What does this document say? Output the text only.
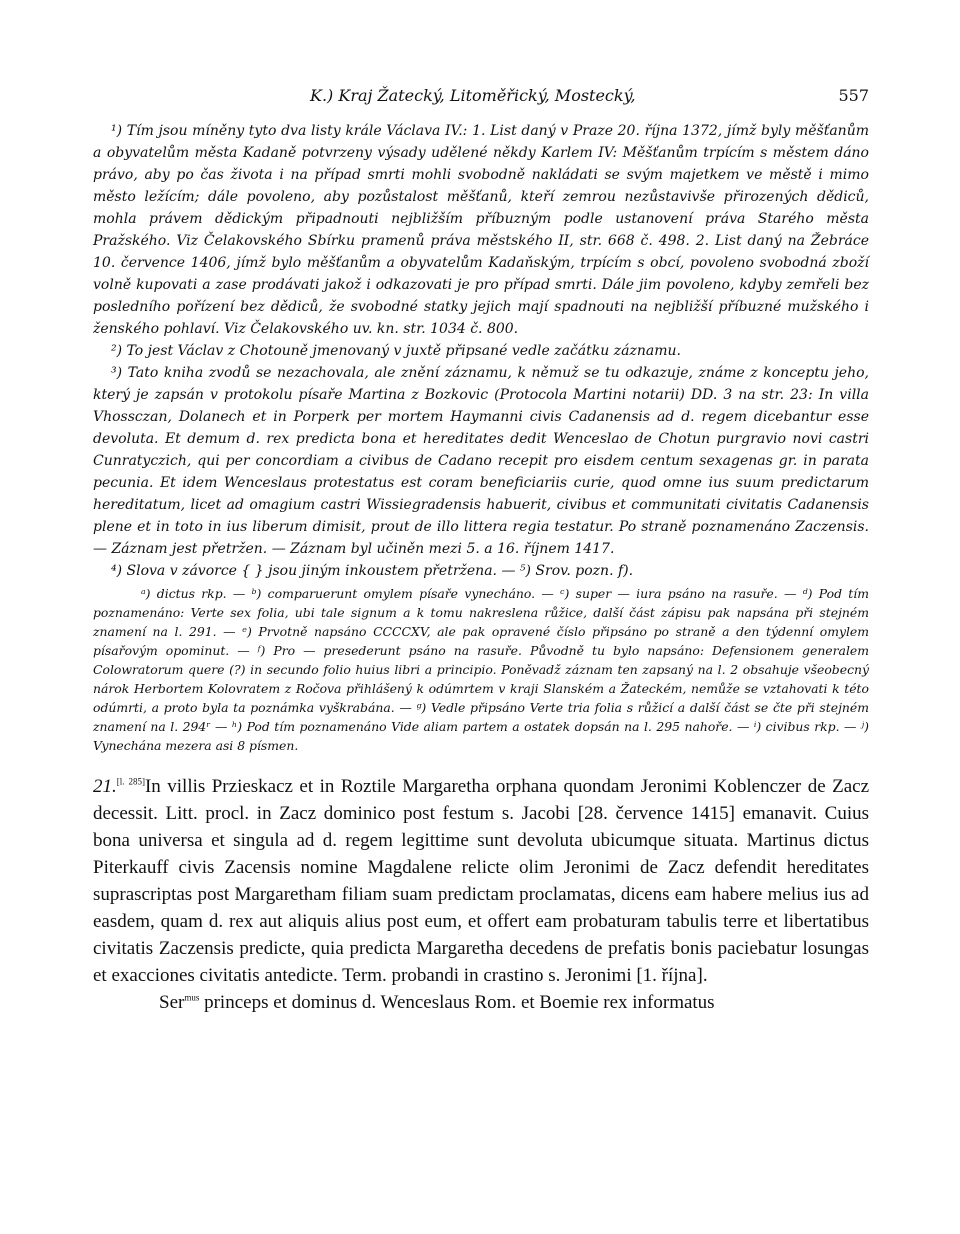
K.) Kraj Žatecký, Litoměřický, Mostecký,	557

¹) Tím jsou míněny tyto dva listy krále Václava IV.: 1. List daný v Praze 20. října 1372, jímž byly měšťanům a obyvatelům města Kadaně potvrzeny výsady udělené někdy Karlem IV: Měšťanům trpícím s městem dáno právo, aby po čas života i na případ smrti mohli svobodně nakládati se svým majetkem ve městě i mimo město ležícím; dále povoleno, aby pozůstalost měšťanů, kteří zemrou nezůstavivše přirozených dědiců, mohla právem dědickým připadnouti nejbližším příbuzným podle ustanovení práva Starého města Pražského. Viz Čelakovského Sbírku pramenů práva městského II, str. 668 č. 498. 2. List daný na Žebráce 10. července 1406, jímž bylo měšťanům a obyvatelům Kadaňským, trpícím s obcí, povoleno svobodná zboží volně kupovati a zase prodávati jakož i odkazovati je pro případ smrti. Dále jim povoleno, kdyby zemřeli bez posledního pořízení bez dědiců, že svobodné statky jejich mají spadnouti na nejbližší příbuzné mužského i ženského pohlaví. Viz Čelakovského uv. kn. str. 1034 č. 800.

²) To jest Václav z Chotouně jmenovaný v juxtě připsané vedle začátku záznamu.

³) Tato kniha zvodů se nezachovala, ale znění záznamu, k němuž se tu odkazuje, známe z konceptu jeho, který je zapsán v protokolu písaře Martina z Bozkovic (Protocola Martini notarii) DD. 3 na str. 23: In villa Vhossczan, Dolanech et in Porperk per mortem Haymanni civis Cadanensis ad d. regem dicebantur esse devoluta. Et demum d. rex predicta bona et hereditates dedit Wenceslao de Chotun purgravio novi castri Cunratyczich, qui per concordiam a civibus de Cadano recepit pro eisdem centum sexagenas gr. in parata pecunia. Et idem Wenceslaus protestatus est coram beneficiariis curie, quod omne ius suum predictarum hereditatum, licet ad omagium castri Wissiegradensis habuerit, civibus et communitati civitatis Cadanensis plene et in toto in ius liberum dimisit, prout de illo littera regia testatur. Po straně poznamenáno Zaczensis. — Záznam jest přetržen. — Záznam byl učiněn mezi 5. a 16. říjnem 1417.

⁴) Slova v závorce { } jsou jiným inkoustem přetržena. — ⁵) Srov. pozn. f).

ᵃ) dictus rkp. — ᵇ) comparuerunt omylem písaře vynecháno. — ᶜ) super — iura psáno na rasuře. — ᵈ) Pod tím poznamenáno: Verte sex folia, ubi tale signum a k tomu nakreslena růžice, další část zápisu pak napsána při stejném znamení na l. 291. — ᵉ) Prvotně napsáno CCCCXV, ale pak opravené číslo připsáno po straně a den týdenní omylem písařovým opominut. — ᶠ) Pro — presederunt psáno na rasuře. Původně tu bylo napsáno: Defensionem generalem Colowratorum quere (?) in secundo folio huius libri a principio. Poněvadž záznam ten zapsaný na l. 2 obsahuje všeobecný nárok Herbortem Kolovratem z Ročova přihlášený k odúmrtem v kraji Slanském a Žateckém, nemůže se vztahovati k této odúmrti, a proto byla ta poznámka vyškrabána. — ᵍ) Vedle připsáno Verte tria folia s růžicí a další část se čte při stejném znamení na l. 294ʳ — ʰ) Pod tím poznamenáno Vide aliam partem a ostatek dopsán na l. 295 nahoře. — ⁱ) civibus rkp. — ʲ) Vynechána mezera asi 8 písmen.

21.[l. 285]In villis Przieskacz et in Roztile Margaretha orphana quondam Jeronimi Koblenczer de Zacz decessit. Litt. procl. in Zacz dominico post festum s. Jacobi [28. července 1415] emanavit. Cuius bona universa et singula ad d. regem legittime sunt devoluta ubicumque situata. Martinus dictus Piterkauff civis Zacensis nomine Magdalene relicte olim Jeronimi de Zacz defendit hereditates suprascriptas post Margaretham filiam suam predictam proclamatas, dicens eam habere melius ius ad easdem, quam d. rex aut aliquis alius post eum, et offert eam probaturam tabulis terre et libertatibus civitatis Zaczensis predicte, quia predicta Margaretha decedens de prefatis bonis paciebatur losungas et exacciones civitatis antedicte. Term. probandi in crastino s. Jeronimi [1. října].

Ser$^{mus}$ princeps et dominus d. Wenceslaus Rom. et Boemie rex informatus
